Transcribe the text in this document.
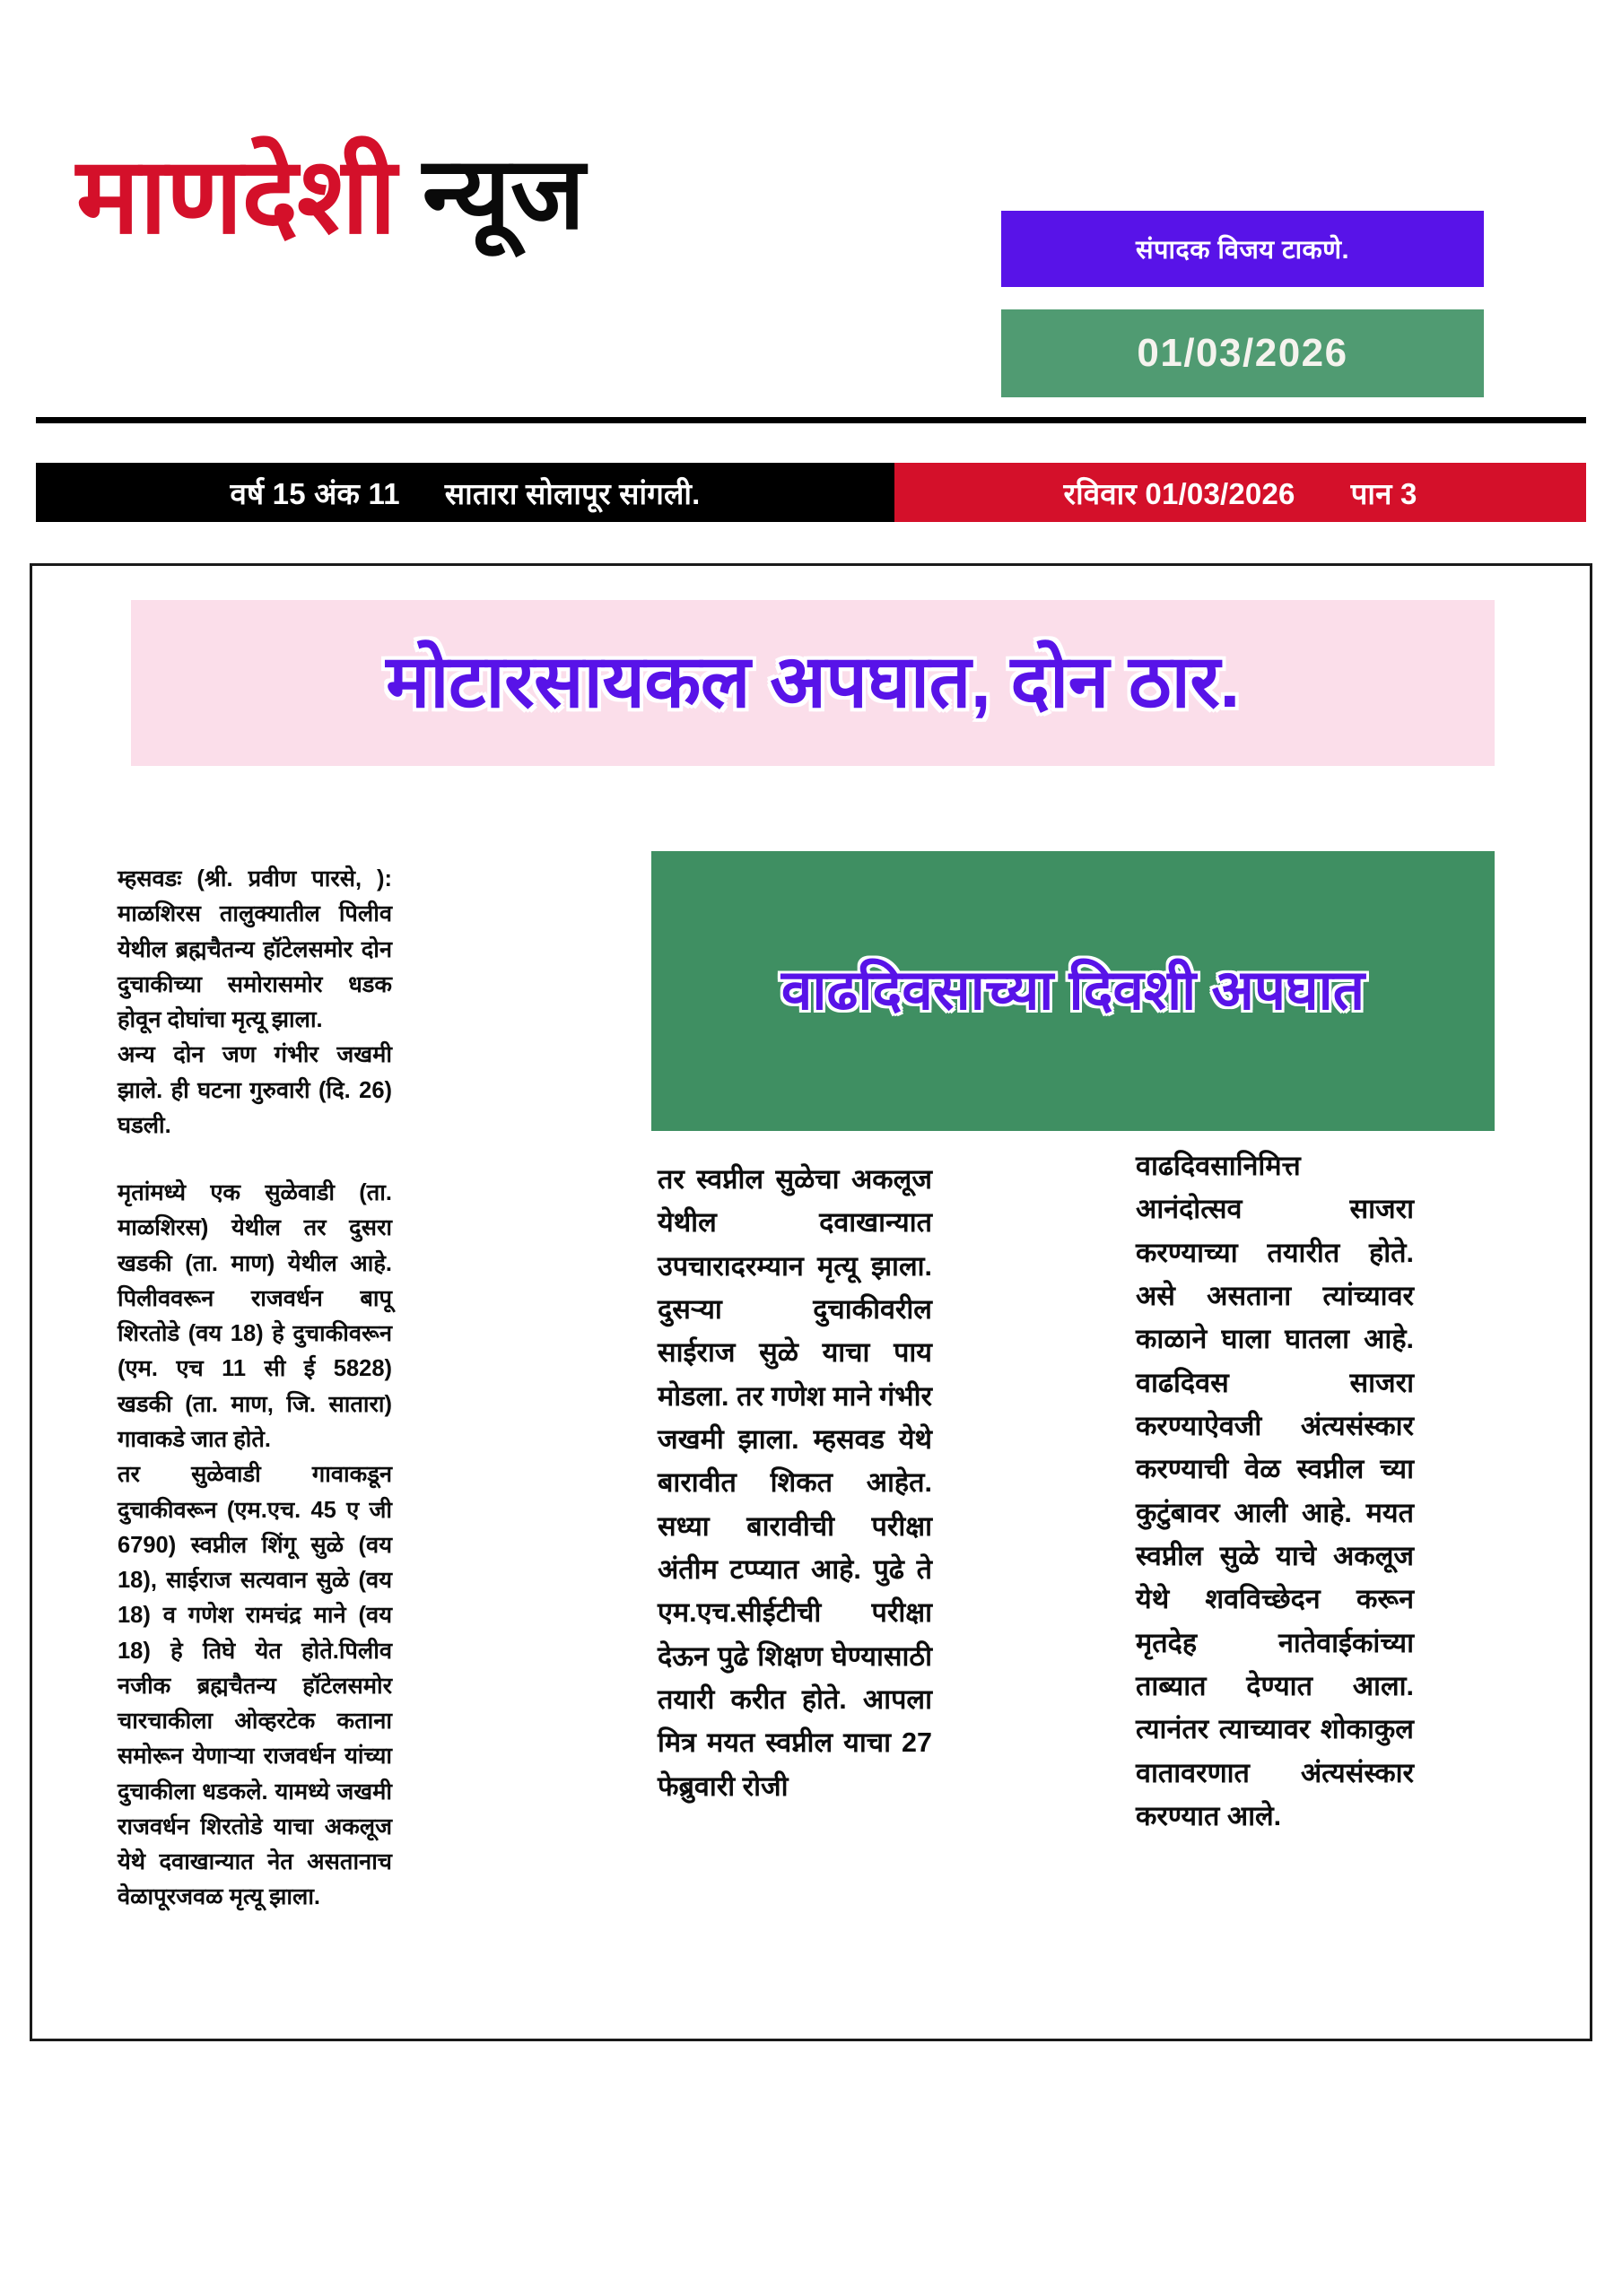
माणदेशी न्यूज
संपादक विजय टाकणे.
01/03/2026
वर्ष 15 अंक 11 सातारा सोलापूर सांगली.	रविवार 01/03/2026 पान 3
मोटारसायकल अपघात, दोन ठार.
वाढदिवसाच्या दिवशी अपघात

म्हसवडः (श्री. प्रवीण पारसे, ): माळशिरस तालुक्यातील पिलीव येथील ब्रह्मचैतन्य हॉटेलसमोर दोन दुचाकीच्या समोरासमोर धडक होवून दोघांचा मृत्यू झाला.

अन्य दोन जण गंभीर जखमी झाले. ही घटना गुरुवारी (दि. 26) घडली.

मृतांमध्ये एक सुळेवाडी (ता. माळशिरस) येथील तर दुसरा खडकी (ता. माण) येथील आहे. पिलीववरून राजवर्धन बापू शिरतोडे (वय 18) हे दुचाकीवरून (एम. एच 11 सी ई 5828) खडकी (ता. माण, जि. सातारा) गावाकडे जात होते.

तर सुळेवाडी गावाकडून दुचाकीवरून (एम.एच. 45 ए जी 6790) स्वप्नील शिंगू सुळे (वय 18), साईराज सत्यवान सुळे (वय 18) व गणेश रामचंद्र माने (वय 18) हे तिघे येत होते.पिलीव नजीक ब्रह्मचैतन्य हॉटेलसमोर चारचाकीला ओव्हरटेक कताना समोरून येणाऱ्या राजवर्धन यांच्या दुचाकीला धडकले. यामध्ये जखमी राजवर्धन शिरतोडे याचा अकलूज येथे दवाखान्यात नेत असतानाच वेळापूरजवळ मृत्यू झाला.

तर स्वप्नील सुळेचा अकलूज येथील दवाखान्यात उपचारादरम्यान मृत्यू झाला. दुसऱ्या दुचाकीवरील साईराज सुळे याचा पाय मोडला. तर गणेश माने गंभीर जखमी झाला. म्हसवड येथे बारावीत शिकत आहेत. सध्या बारावीची परीक्षा अंतीम टप्प्यात आहे. पुढे ते एम.एच.सीईटीची परीक्षा देऊन पुढे शिक्षण घेण्यासाठी तयारी करीत होते. आपला मित्र मयत स्वप्नील याचा 27 फेब्रुवारी रोजी

वाढदिवसानिमित्त आनंदोत्सव साजरा करण्याच्या तयारीत होते. असे असताना त्यांच्यावर काळाने घाला घातला आहे. वाढदिवस साजरा करण्याऐवजी अंत्यसंस्कार करण्याची वेळ स्वप्नील च्या कुटुंबावर आली आहे. मयत स्वप्नील सुळे याचे अकलूज येथे शवविच्छेदन करून मृतदेह नातेवाईकांच्या ताब्यात देण्यात आला. त्यानंतर त्याच्यावर शोकाकुल वातावरणात अंत्यसंस्कार करण्यात आले.
